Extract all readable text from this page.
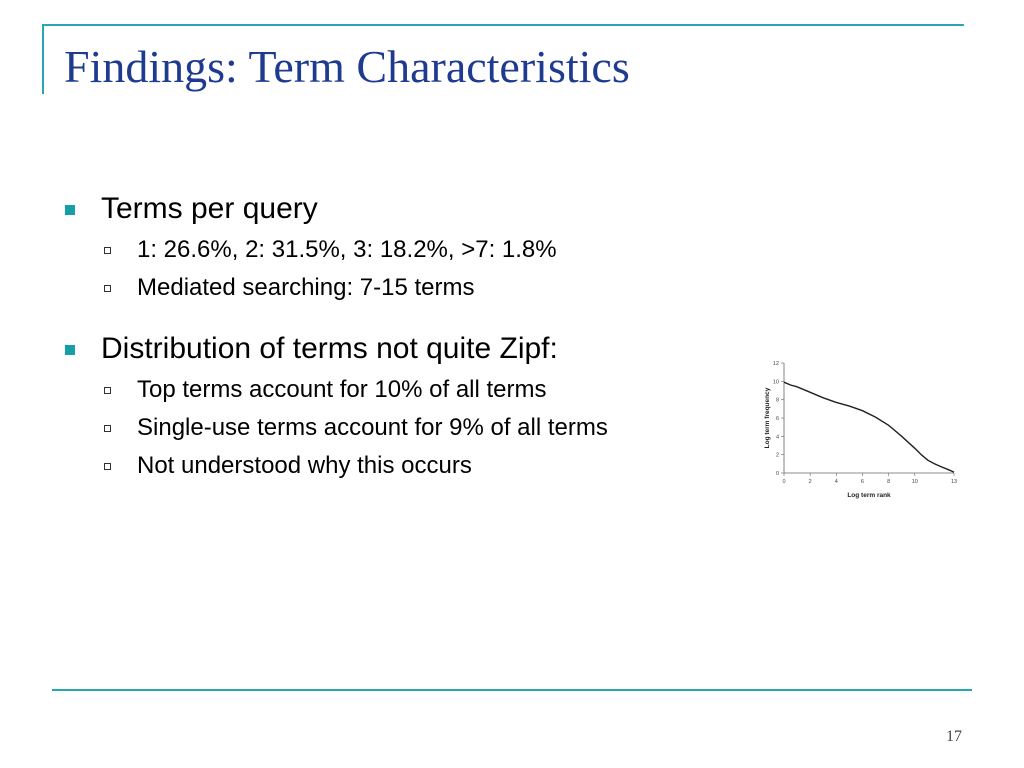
Findings: Term Characteristics
Terms per query
1: 26.6%, 2: 31.5%, 3: 18.2%, >7: 1.8%
Mediated searching: 7-15 terms
Distribution of terms not quite Zipf:
Top terms account for 10% of all terms
Single-use terms account for 9% of all terms
Not understood why this occurs	0
2
4
6
8
10
12
0	2	4	6	8	10	13
Log term rank
Log term frequency
17
